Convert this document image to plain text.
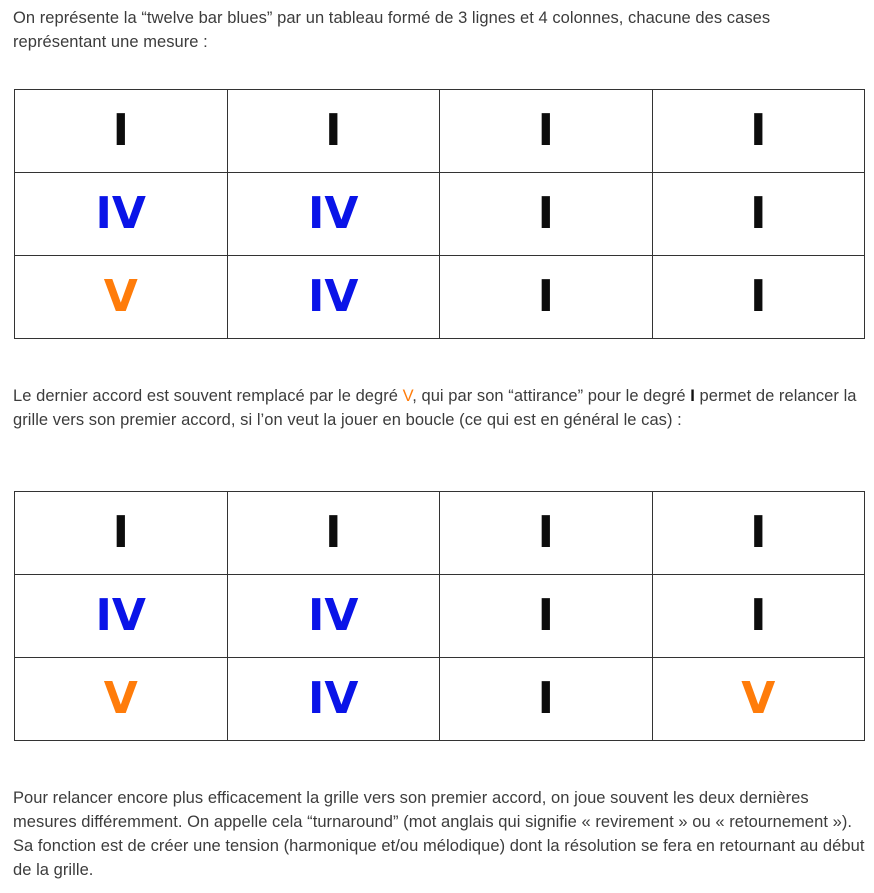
On représente la “twelve bar blues” par un tableau formé de 3 lignes et 4 colonnes, chacune des cases représentant une mesure :

I	I	I	I
IV	IV	I	I
V	IV	I	I

Le dernier accord est souvent remplacé par le degré V, qui par son “attirance” pour le degré I permet de relancer la grille vers son premier accord, si l’on veut la jouer en boucle (ce qui est en général le cas) :

I	I	I	I
IV	IV	I	I
V	IV	I	V

Pour relancer encore plus efficacement la grille vers son premier accord, on joue souvent les deux dernières mesures différemment. On appelle cela “turnaround” (mot anglais qui signifie « revirement » ou « retournement »). Sa fonction est de créer une tension (harmonique et/ou mélodique) dont la résolution se fera en retournant au début de la grille.
